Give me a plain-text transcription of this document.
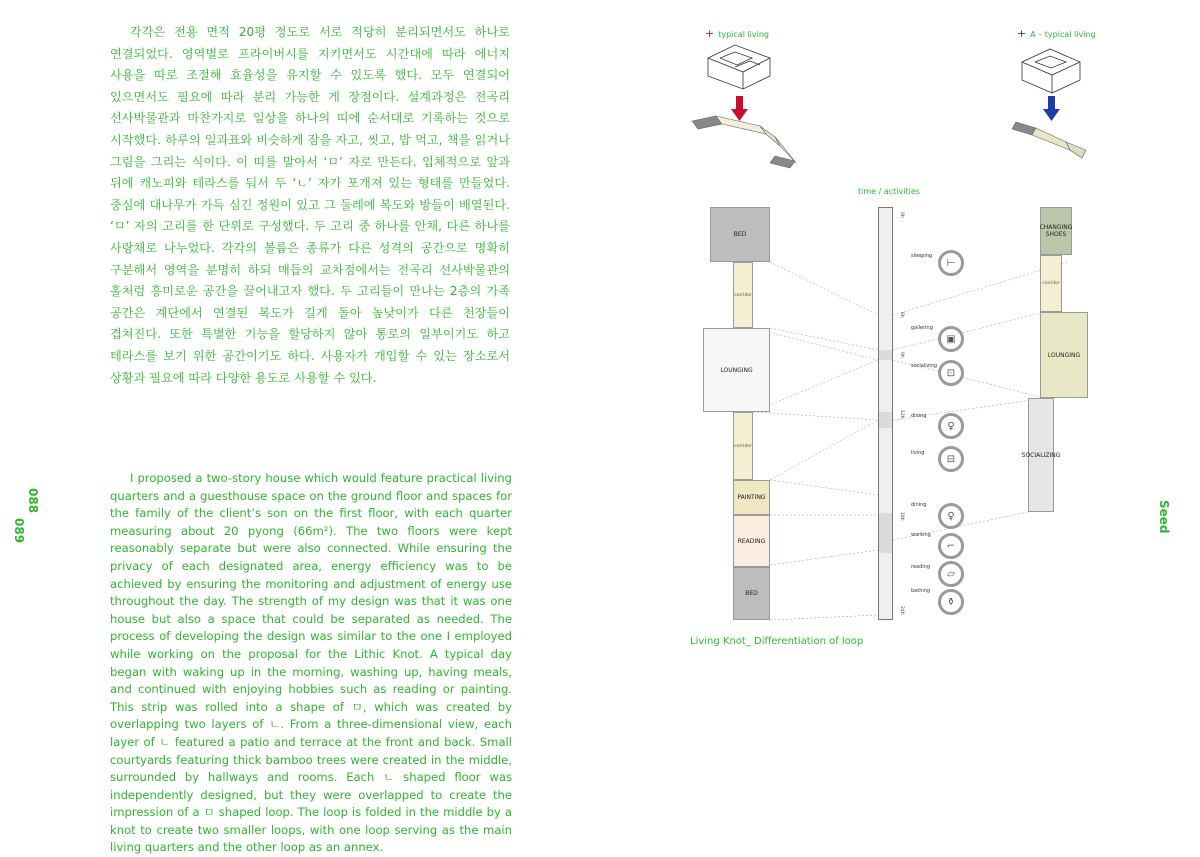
각각은 전용 면적 20평 정도로 서로 적당히 분리되면서도 하나로 연결되었다. 영역별로 프라이버시를 지키면서도 시간대에 따라 에너지 사용을 따로 조절해 효율성을 유지할 수 있도록 했다. 모두 연결되어 있으면서도 필요에 따라 분리 가능한 게 장점이다. 설계과정은 전곡리 선사박물관과 마찬가지로 일상을 하나의 띠에 순서대로 기록하는 것으로 시작했다. 하루의 일과표와 비슷하게 잠을 자고, 씻고, 밥 먹고, 책을 읽거나 그림을 그리는 식이다. 이 띠를 말아서 ‘ㅁ’ 자로 만든다. 입체적으로 앞과 뒤에 캐노피와 테라스를 둬서 두 ‘ㄴ’ 자가 포개져 있는 형태를 만들었다. 중심에 대나무가 가득 심긴 정원이 있고 그 둘레에 복도와 방들이 배열된다. ‘ㅁ’ 자의 고리를 한 단위로 구성했다. 두 고리 중 하나를 안채, 다른 하나를 사랑채로 나누었다. 각각의 볼륨은 종류가 다른 성격의 공간으로 명확히 구분해서 영역을 분명히 하되 매듭의 교차점에서는 전곡리 선사박물관의 홀처럼 흥미로운 공간을 끌어내고자 했다. 두 고리들이 만나는 2층의 가족 공간은 계단에서 연결된 복도가 길게 돌아 높낮이가 다른 천장들이 겹쳐진다. 또한 특별한 기능을 할당하지 않아 통로의 일부이기도 하고 테라스를 보기 위한 공간이기도 하다. 사용자가 개입할 수 있는 장소로서 상황과 필요에 따라 다양한 용도로 사용할 수 있다.

I proposed a two-story house which would feature practical living quarters and a guesthouse space on the ground floor and spaces for the family of the client’s son on the first floor, with each quarter measuring about 20 pyong (66m²). The two floors were kept reasonably separate but were also connected. While ensuring the privacy of each designated area, energy efficiency was to be achieved by ensuring the monitoring and adjustment of energy use throughout the day. The strength of my design was that it was one house but also a space that could be separated as needed. The process of developing the design was similar to the one I employed while working on the proposal for the Lithic Knot. A typical day began with waking up in the morning, washing up, having meals, and continued with enjoying hobbies such as reading or painting. This strip was rolled into a shape of ㅁ, which was created by overlapping two layers of ㄴ. From a three-dimensional view, each layer of ㄴ featured a patio and terrace at the front and back. Small courtyards featuring thick bamboo trees were created in the middle, surrounded by hallways and rooms. Each ㄴ shaped floor was independently designed, but they were overlapped to create the impression of a ㅁ shaped loop. The loop is folded in the middle by a knot to create two smaller loops, with one loop serving as the main living quarters and the other loop as an annex.

088
089	Seed
+ typical living	+ A – typical living
BED
corridor
LOUNGING
corridor
PAINTING
READING
BED
time / activities
0h
6h
9h
12h
18h
24h
sleeping
⊢
gallering
▣
socializing
⊡
dining
♀
living
⊟
dining
♀
working
⌐
reading
▱
bathing
⚱
CHANGING SHOES
corridor
LOUNGING
SOCIALIZING
Living Knot_ Differentiation of loop
